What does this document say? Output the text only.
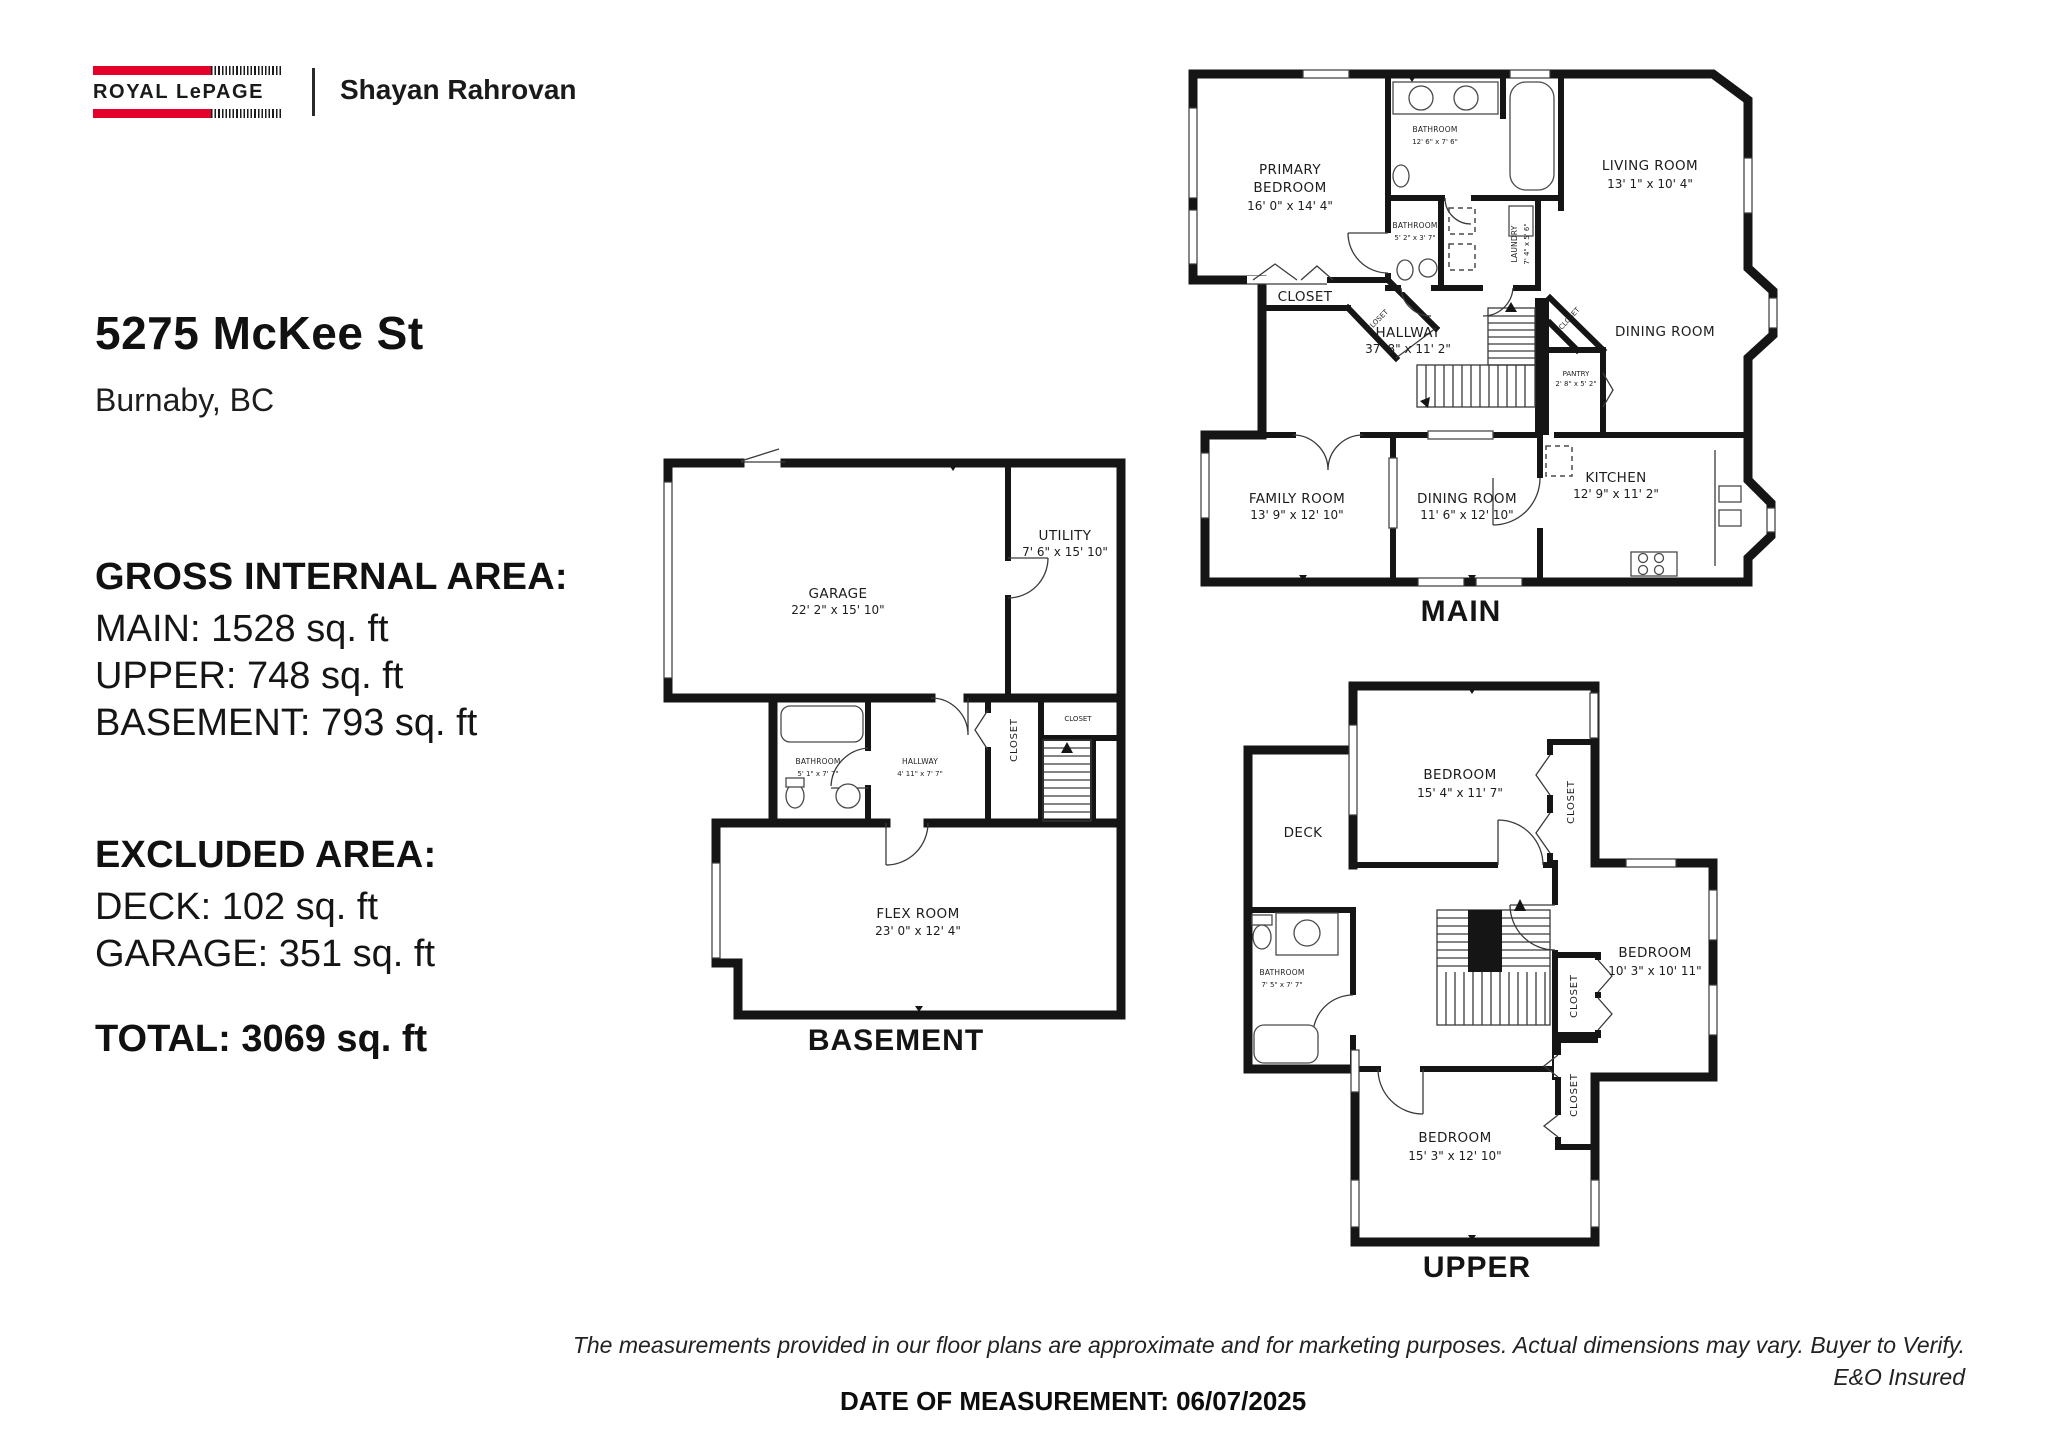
ROYAL LePAGE	Shayan Rahrovan
5275 McKee St
Burnaby, BC
GROSS INTERNAL AREA:
MAIN: 1528 sq. ft
UPPER: 748 sq. ft
BASEMENT: 793 sq. ft
EXCLUDED AREA:
DECK: 102 sq. ft
GARAGE: 351 sq. ft
TOTAL: 3069 sq. ft
GARAGE
22' 2" x 15' 10"
UTILITY
7' 6" x 15' 10"
BATHROOM
5' 1" x 7' 7"
HALLWAY
4' 11" x 7' 7"
CLOSET	CLOSET
FLEX ROOM
23' 0" x 12' 4"
BASEMENT
PRIMARY
BEDROOM
16' 0" x 14' 4"
BATHROOM
12' 6" x 7' 6"
BATHROOM
5' 2" x 3' 7"	LAUNDRY 7' 4" x 5' 6"
LIVING ROOM
13' 1" x 10' 4"
CLOSET
CLOSET
HALLWAY
37' 8" x 11' 2"
DINING ROOM
CLOSET
PANTRY
2' 8" x 5' 2"
FAMILY ROOM
13' 9" x 12' 10"
DINING ROOM
11' 6" x 12' 10"
KITCHEN
12' 9" x 11' 2"
MAIN
BEDROOM
15' 4" x 11' 7"	CLOSET
DECK
BATHROOM
7' 5" x 7' 7"
BEDROOM
10' 3" x 10' 11"
CLOSET
CLOSET
BEDROOM
15' 3" x 12' 10"
UPPER
The measurements provided in our floor plans are approximate and for marketing purposes. Actual dimensions may vary. Buyer to Verify.
E&O Insured
DATE OF MEASUREMENT: 06/07/2025
